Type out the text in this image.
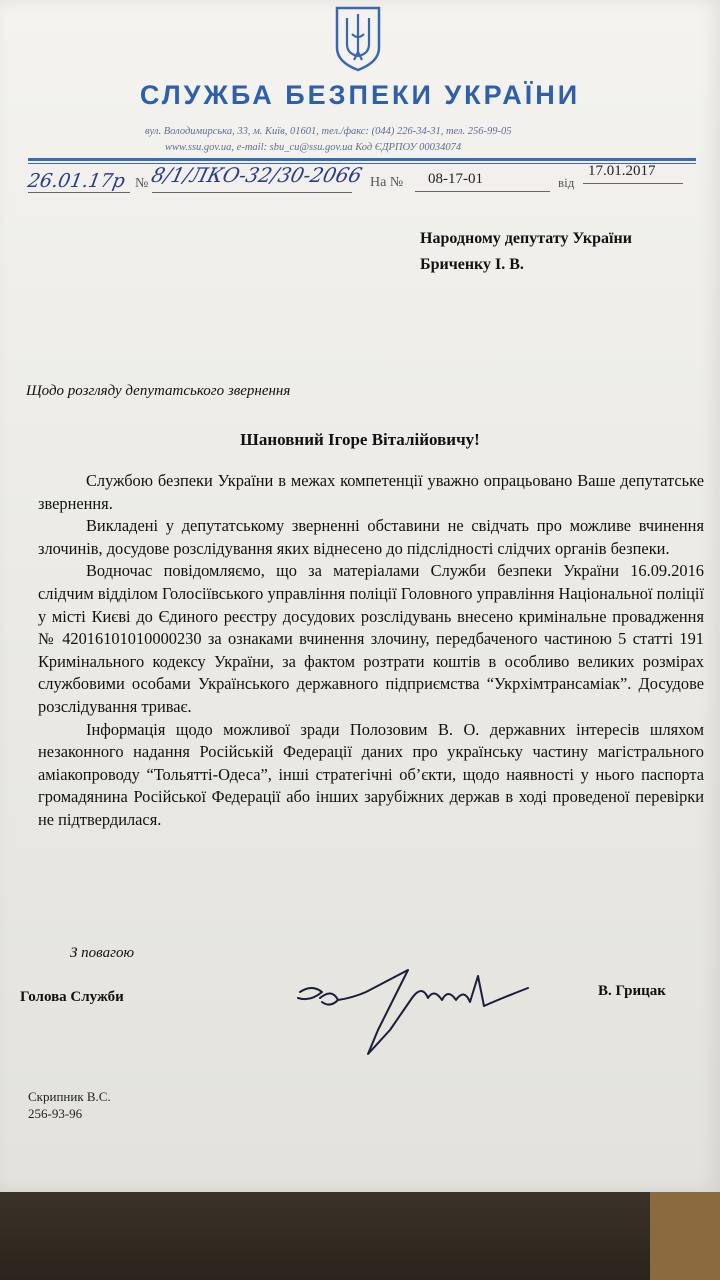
СЛУЖБА БЕЗПЕКИ УКРАЇНИ
вул. Володимирська, 33, м. Київ, 01601, тел./факс: (044) 226-34-31, тел. 256-99-05
www.ssu.gov.ua, e-mail: sbu_cu@ssu.gov.ua Код ЄДРПОУ 00034074
26.01.17р № 8/1/ЛКО-32/30-2066 На № 08-17-01	від
17.01.2017
Народному депутату України
Бриченку І. В.
Щодо розгляду депутатського звернення
Шановний Ігоре Віталійовичу!

Службою безпеки України в межах компетенції уважно опрацьовано Ваше депутатське звернення.

Викладені у депутатському зверненні обставини не свідчать про можливе вчинення злочинів, досудове розслідування яких віднесено до підслідності слідчих органів безпеки.

Водночас повідомляємо, що за матеріалами Служби безпеки України 16.09.2016 слідчим відділом Голосіївського управління поліції Головного управління Національної поліції у місті Києві до Єдиного реєстру досудових розслідувань внесено кримінальне провадження № 42016101010000230 за ознаками вчинення злочину, передбаченого частиною 5 статті 191 Кримінального кодексу України, за фактом розтрати коштів в особливо великих розмірах службовими особами Українського державного підприємства “Укрхімтрансаміак”. Досудове розслідування триває.

Інформація щодо можливої зради Полозовим В. О. державних інтересів шляхом незаконного надання Російській Федерації даних про українську частину магістрального аміакопроводу “Тольятті-Одеса”, інші стратегічні об’єкти, щодо наявності у нього паспорта громадянина Російської Федерації або інших зарубіжних держав в ході проведеної перевірки не підтвердилася.

З повагою
Голова Служби	В. Грицак
Скрипник В.С.
256-93-96
